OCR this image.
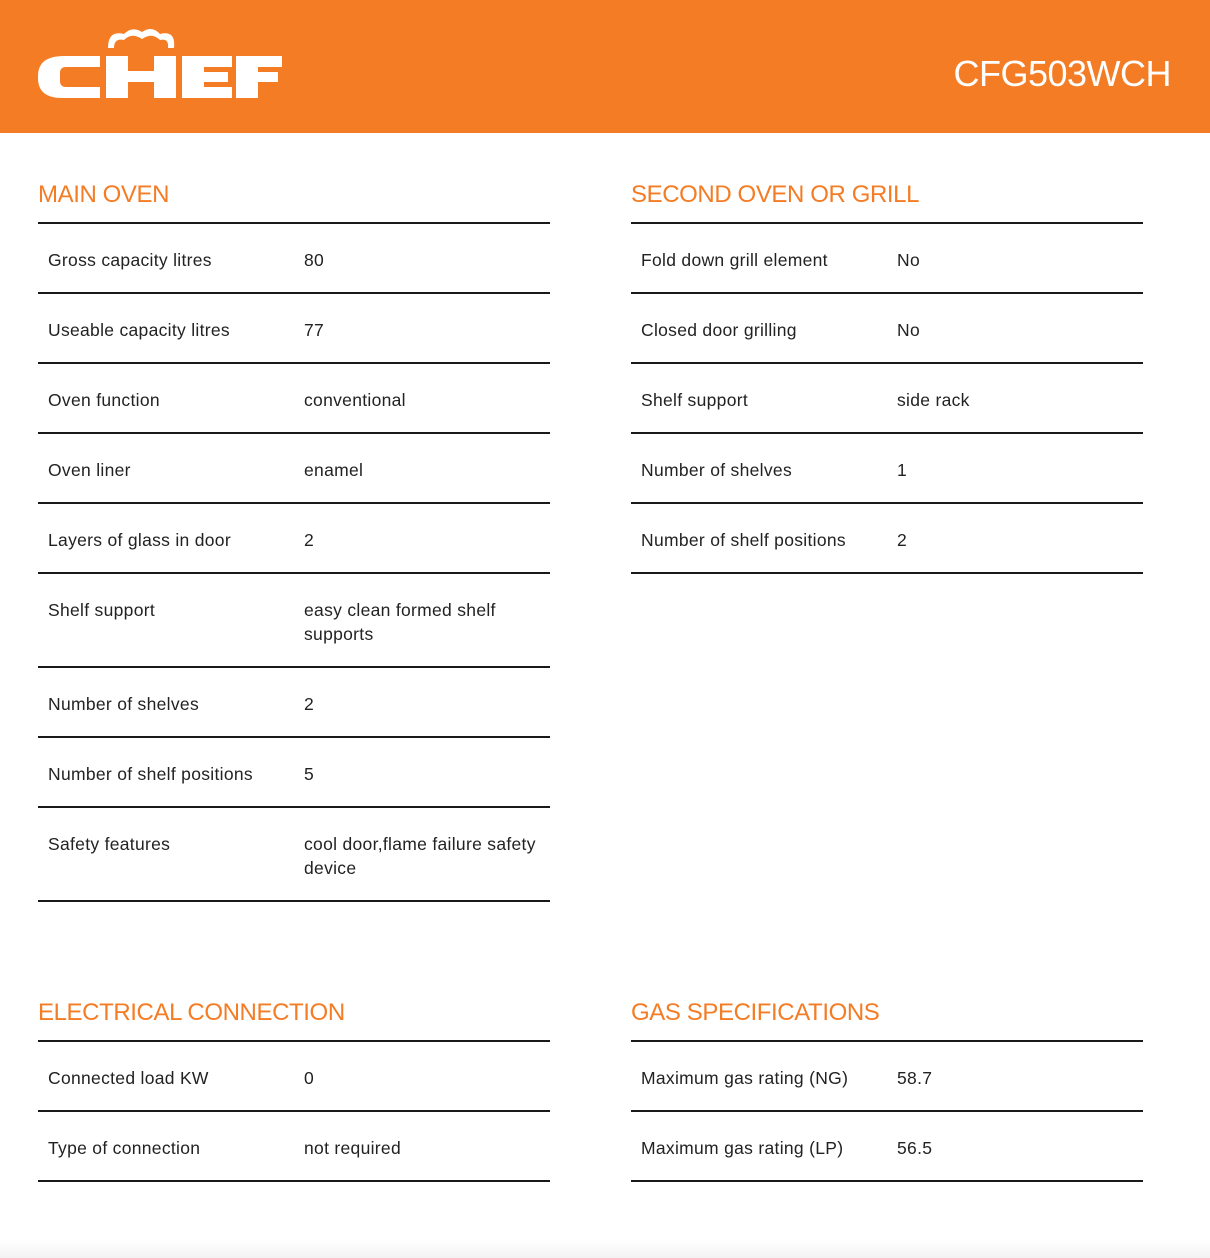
CFG503WCH
MAIN OVEN
Gross capacity litres	80
Useable capacity litres	77
Oven function	conventional
Oven liner	enamel
Layers of glass in door	2
Shelf support	easy clean formed shelf supports
Number of shelves	2
Number of shelf positions	5
Safety features	cool door,flame failure safety device
SECOND OVEN OR GRILL
Fold down grill element	No
Closed door grilling	No
Shelf support	side rack
Number of shelves	1
Number of shelf positions	2
ELECTRICAL CONNECTION
Connected load KW	0
Type of connection	not required
GAS SPECIFICATIONS
Maximum gas rating (NG)	58.7
Maximum gas rating (LP)	56.5
